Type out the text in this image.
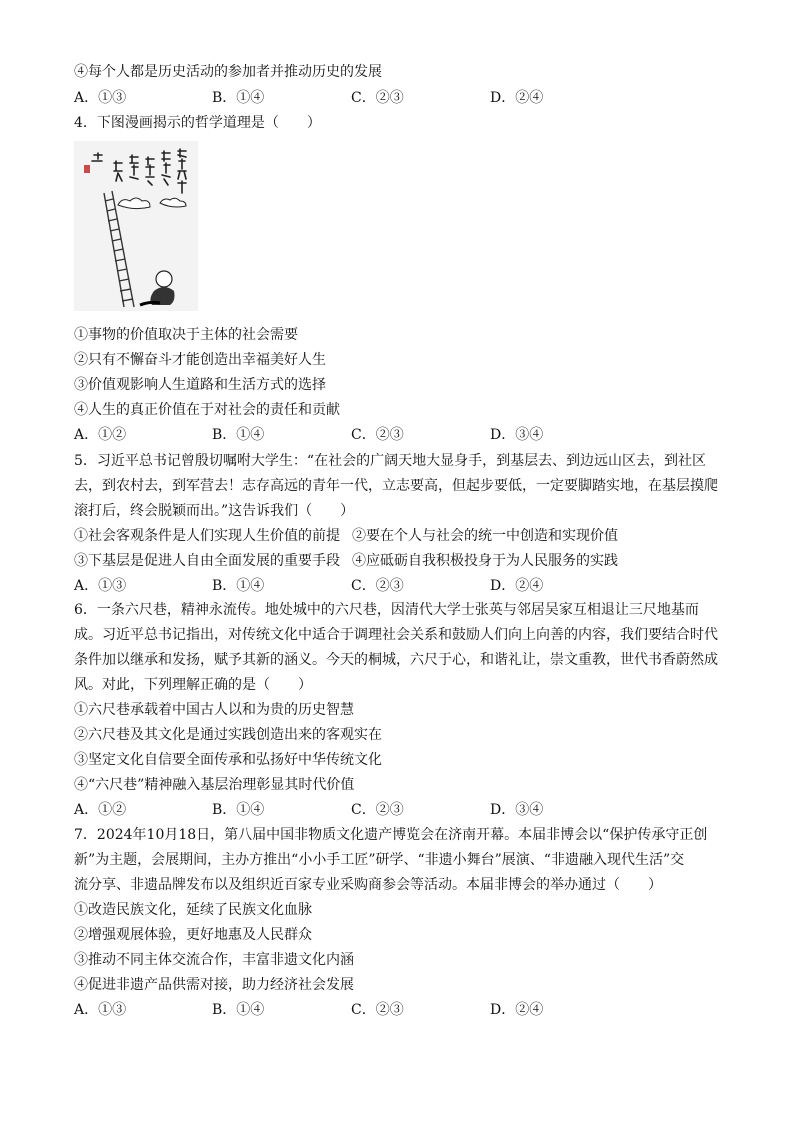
④每个人都是历史活动的参加者并推动历史的发展
A．①③	B．①④	C．②③	D．②④
4．下图漫画揭示的哲学道理是（　　）
①事物的价值取决于主体的社会需要
②只有不懈奋斗才能创造出幸福美好人生
③价值观影响人生道路和生活方式的选择
④人生的真正价值在于对社会的责任和贡献
A．①②	B．①④	C．②③	D．③④
5．习近平总书记曾殷切嘱咐大学生：“在社会的广阔天地大显身手，到基层去、到边远山区去，到社区
去，到农村去，到军营去！志存高远的青年一代，立志要高，但起步要低，一定要脚踏实地，在基层摸爬
滚打后，终会脱颖而出。”这告诉我们（　　）
①社会客观条件是人们实现人生价值的前提 ②要在个人与社会的统一中创造和实现价值
③下基层是促进人自由全面发展的重要手段 ④应砥砺自我积极投身于为人民服务的实践
A．①③	B．①④	C．②③	D．②④
6．一条六尺巷，精神永流传。地处城中的六尺巷，因清代大学士张英与邻居吴家互相退让三尺地基而
成。习近平总书记指出，对传统文化中适合于调理社会关系和鼓励人们向上向善的内容，我们要结合时代
条件加以继承和发扬，赋予其新的涵义。今天的桐城，六尺于心，和谐礼让，崇文重教，世代书香蔚然成
风。对此，下列理解正确的是（　　）
①六尺巷承载着中国古人以和为贵的历史智慧
②六尺巷及其文化是通过实践创造出来的客观实在
③坚定文化自信要全面传承和弘扬好中华传统文化
④“六尺巷”精神融入基层治理彰显其时代价值
A．①②	B．①④	C．②③	D．③④
7．2024年10月18日，第八届中国非物质文化遗产博览会在济南开幕。本届非博会以“保护传承守正创
新”为主题，会展期间，主办方推出“小小手工匠”研学、“非遗小舞台”展演、“非遗融入现代生活”交
流分享、非遗品牌发布以及组织近百家专业采购商参会等活动。本届非博会的举办通过（　　）
①改造民族文化，延续了民族文化血脉
②增强观展体验，更好地惠及人民群众
③推动不同主体交流合作，丰富非遗文化内涵
④促进非遗产品供需对接，助力经济社会发展
A．①③	B．①④	C．②③	D．②④
